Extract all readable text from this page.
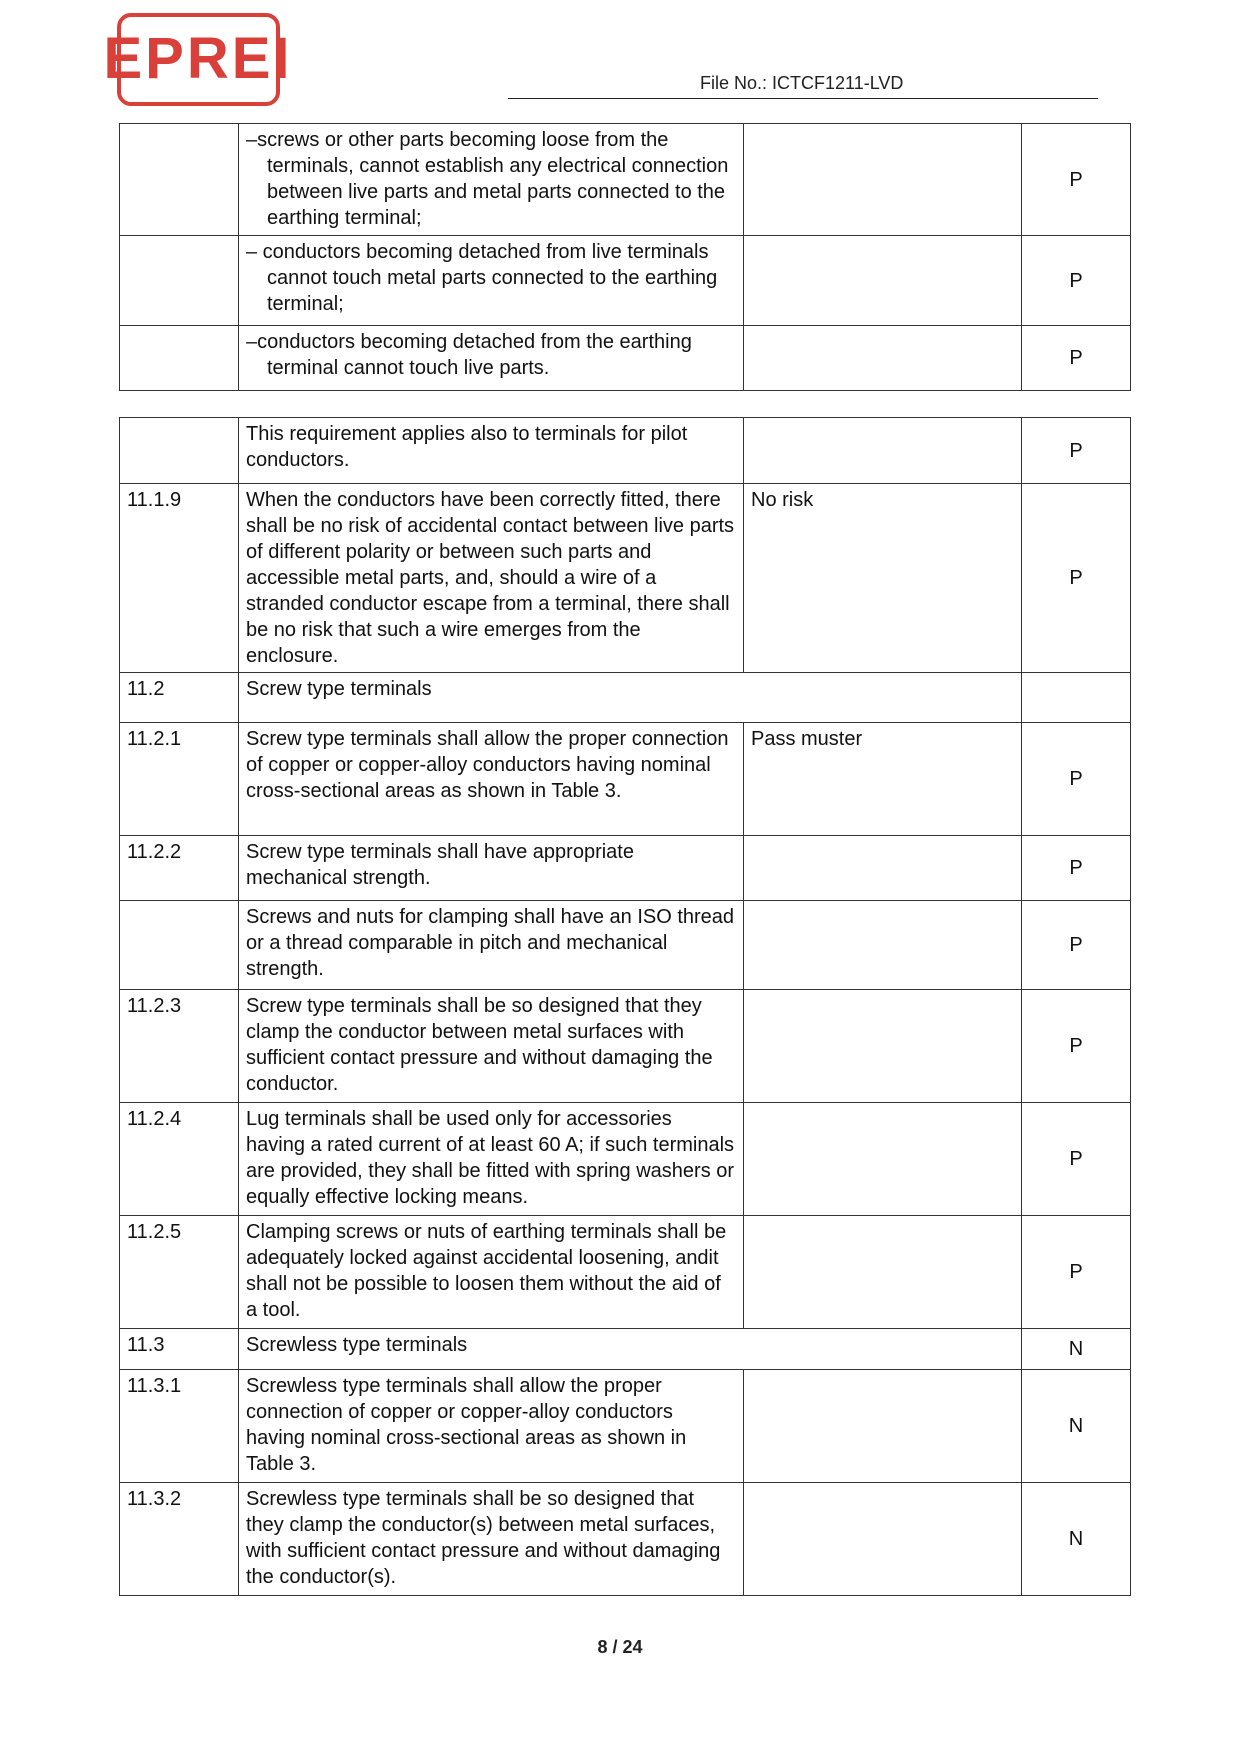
EPREI	File No.: ICTCF1211-LVD

	–screws or other parts becoming loose from the terminals, cannot establish any electrical connection between live parts and metal parts connected to the earthing terminal;		P

	– conductors becoming detached from live terminals cannot touch metal parts connected to the earthing terminal;		P

	–conductors becoming detached from the earthing terminal cannot touch live parts.		P

	This requirement applies also to terminals for pilot conductors.		P
11.1.9	When the conductors have been correctly fitted, there shall be no risk of accidental contact between live parts of different polarity or between such parts and accessible metal parts, and, should a wire of a stranded conductor escape from a terminal, there shall be no risk that such a wire emerges from the enclosure.	No risk	P
11.2	Screw type terminals		

11.2.1	Screw type terminals shall allow the proper connection of copper or copper-alloy conductors having nominal cross-sectional areas as shown in Table 3.	Pass muster	P
11.2.2	Screw type terminals shall have appropriate mechanical strength.		P

	Screws and nuts for clamping shall have an ISO thread or a thread comparable in pitch and mechanical strength.		P
11.2.3	Screw type terminals shall be so designed that they clamp the conductor between metal surfaces with sufficient contact pressure and without damaging the conductor.		P
11.2.4	Lug terminals shall be used only for accessories having a rated current of at least 60 A; if such terminals are provided, they shall be fitted with spring washers or equally effective locking means.		P
11.2.5	Clamping screws or nuts of earthing terminals shall be adequately locked against accidental loosening, andit shall not be possible to loosen them without the aid of a tool.		P
11.3	Screwless type terminals		N
11.3.1	Screwless type terminals shall allow the proper connection of copper or copper-alloy conductors having nominal cross-sectional areas as shown in Table 3.		N
11.3.2	Screwless type terminals shall be so designed that they clamp the conductor(s) between metal surfaces, with sufficient contact pressure and without damaging the conductor(s).		N
8 / 24
